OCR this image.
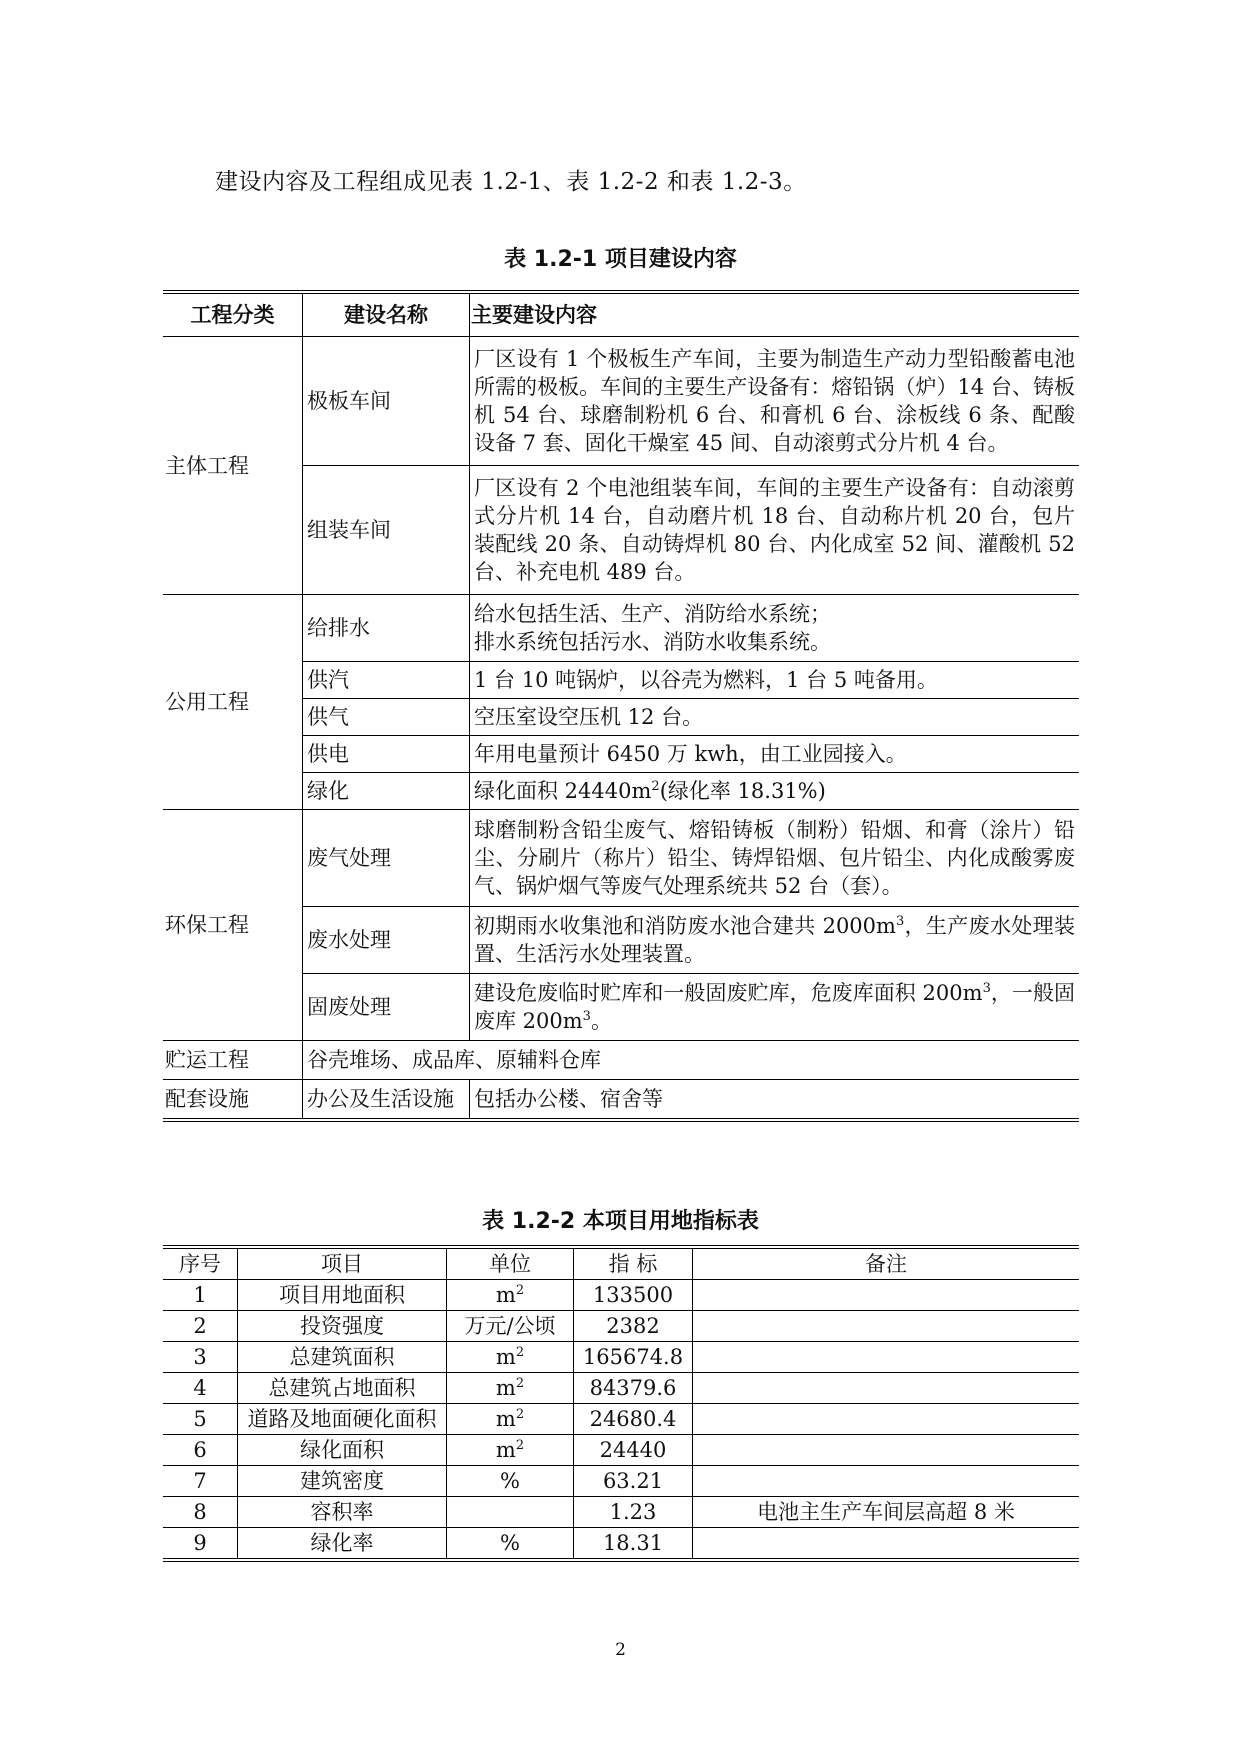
建设内容及工程组成见表 1.2-1、表 1.2-2 和表 1.2-3。
表 1.2-1 项目建设内容
工程分类	建设名称	主要建设内容
主体工程	极板车间	厂区设有 1 个极板生产车间，主要为制造生产动力型铅酸蓄电池所需的极板。车间的主要生产设备有：熔铅锅（炉）14 台、铸板机 54 台、球磨制粉机 6 台、和膏机 6 台、涂板线 6 条、配酸设备 7 套、固化干燥室 45 间、自动滚剪式分片机 4 台。
	组装车间	厂区设有 2 个电池组装车间，车间的主要生产设备有：自动滚剪式分片机 14 台，自动磨片机 18 台、自动称片机 20 台，包片装配线 20 条、自动铸焊机 80 台、内化成室 52 间、灌酸机 52 台、补充电机 489 台。
公用工程	给排水	给水包括生活、生产、消防给水系统；
排水系统包括污水、消防水收集系统。

	供汽	1 台 10 吨锅炉，以谷壳为燃料，1 台 5 吨备用。
	供气	空压室设空压机 12 台。
	供电	年用电量预计 6450 万 kwh，由工业园接入。
	绿化	绿化面积 $24440m^2$(绿化率 18.31%)
环保工程	废气处理	球磨制粉含铅尘废气、熔铅铸板（制粉）铅烟、和膏（涂片）铅尘、分刷片（称片）铅尘、铸焊铅烟、包片铅尘、内化成酸雾废气、锅炉烟气等废气处理系统共 52 台（套）。
	废水处理	初期雨水收集池和消防废水池合建共 $2000m^3$，生产废水处理装置、生活污水处理装置。
	固废处理	建设危废临时贮库和一般固废贮库，危废库面积 $200m^3$，一般固废库 $200m^3$。
贮运工程	谷壳堆场、成品库、原辅料仓库	
配套设施	办公及生活设施	包括办公楼、宿舍等
表 1.2-2 本项目用地指标表
序号	项目	单位	指 标	备注
1	项目用地面积	$m^2$	133500	
2	投资强度	万元/公顷	2382	
3	总建筑面积	$m^2$	165674.8	
4	总建筑占地面积	$m^2$	84379.6	
5	道路及地面硬化面积	$m^2$	24680.4	
6	绿化面积	$m^2$	24440	
7	建筑密度	%	63.21	
8	容积率		1.23	电池主生产车间层高超 8 米
9	绿化率	%	18.31	
2
